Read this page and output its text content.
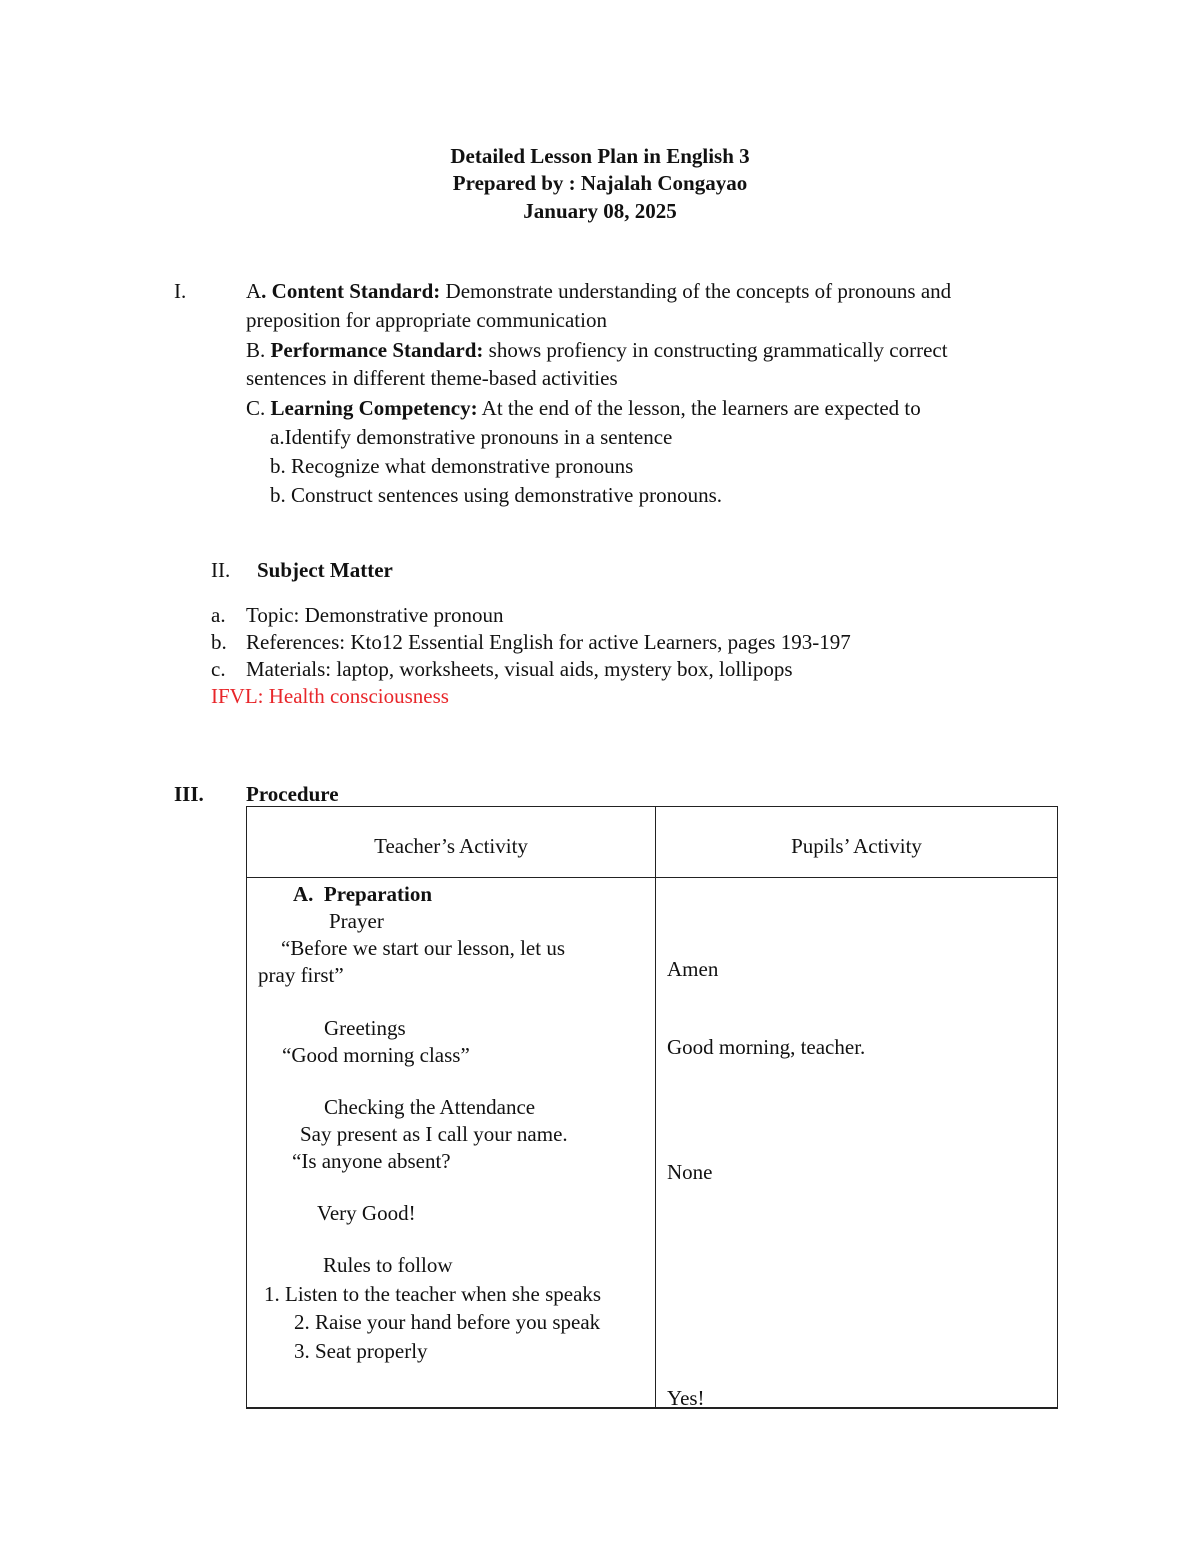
Detailed Lesson Plan in English 3
Prepared by : Najalah Congayao
January 08, 2025
I.	A. Content Standard: Demonstrate understanding of the concepts of pronouns and
preposition for appropriate communication
B. Performance Standard: shows profiency in constructing grammatically correct
sentences in different theme-based activities
C. Learning Competency: At the end of the lesson, the learners are expected to
a.Identify demonstrative pronouns in a sentence
b. Recognize what demonstrative pronouns
b. Construct sentences using demonstrative pronouns.
II. Subject Matter
a. Topic: Demonstrative pronoun
b. References: Kto12 Essential English for active Learners, pages 193-197
c. Materials: laptop, worksheets, visual aids, mystery box, lollipops
IFVL: Health consciousness
III. Procedure
Teacher’s Activity	Pupils’ Activity
A. Preparation
Prayer
“Before we start our lesson, let us
pray first”
Greetings
“Good morning class”
Checking the Attendance
Say present as I call your name.
“Is anyone absent?
Very Good!
Rules to follow
1. Listen to the teacher when she speaks
2. Raise your hand before you speak
3. Seat properly
Amen
Good morning, teacher.
None
Yes!
